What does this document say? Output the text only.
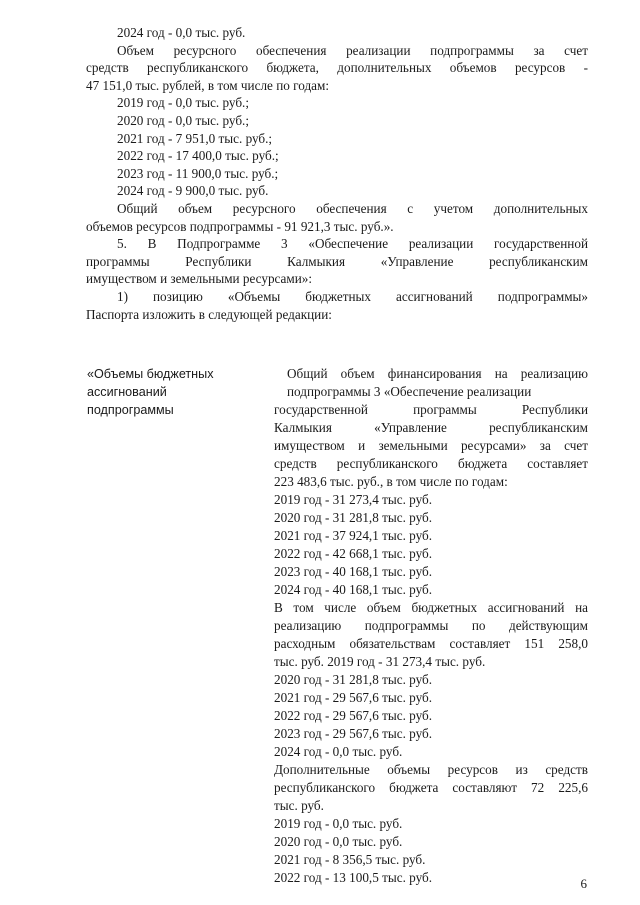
2024 год - 0,0 тыс. руб.
Объем ресурсного обеспечения реализации подпрограммы за счет
средств республиканского бюджета, дополнительных объемов ресурсов -
47 151,0 тыс. рублей, в том числе по годам:
2019 год - 0,0 тыс. руб.;
2020 год - 0,0 тыс. руб.;
2021 год - 7 951,0 тыс. руб.;
2022 год - 17 400,0 тыс. руб.;
2023 год - 11 900,0 тыс. руб.;
2024 год - 9 900,0 тыс. руб.
Общий объем ресурсного обеспечения с учетом дополнительных
объемов ресурсов подпрограммы - 91 921,3 тыс. руб.».
5. В Подпрограмме 3 «Обеспечение реализации государственной
программы Республики Калмыкия «Управление республиканским
имуществом и земельными ресурсами»:
1) позицию «Объемы бюджетных ассигнований подпрограммы»
Паспорта изложить в следующей редакции:
«Объемы бюджетных
ассигнований
подпрограммы
Общий объем финансирования на реализацию
подпрограммы 3 «Обеспечение реализации
государственной программы Республики
Калмыкия «Управление республиканским
имуществом и земельными ресурсами» за счет
средств республиканского бюджета составляет
223 483,6 тыс. руб., в том числе по годам:
2019 год - 31 273,4 тыс. руб.
2020 год - 31 281,8 тыс. руб.
2021 год - 37 924,1 тыс. руб.
2022 год - 42 668,1 тыс. руб.
2023 год - 40 168,1 тыс. руб.
2024 год - 40 168,1 тыс. руб.
В том числе объем бюджетных ассигнований на
реализацию подпрограммы по действующим
расходным обязательствам составляет 151 258,0
тыс. руб. 2019 год - 31 273,4 тыс. руб.
2020 год - 31 281,8 тыс. руб.
2021 год - 29 567,6 тыс. руб.
2022 год - 29 567,6 тыс. руб.
2023 год - 29 567,6 тыс. руб.
2024 год - 0,0 тыс. руб.
Дополнительные объемы ресурсов из средств
республиканского бюджета составляют 72 225,6
тыс. руб.
2019 год - 0,0 тыс. руб.
2020 год - 0,0 тыс. руб.
2021 год - 8 356,5 тыс. руб.
2022 год - 13 100,5 тыс. руб.	6
